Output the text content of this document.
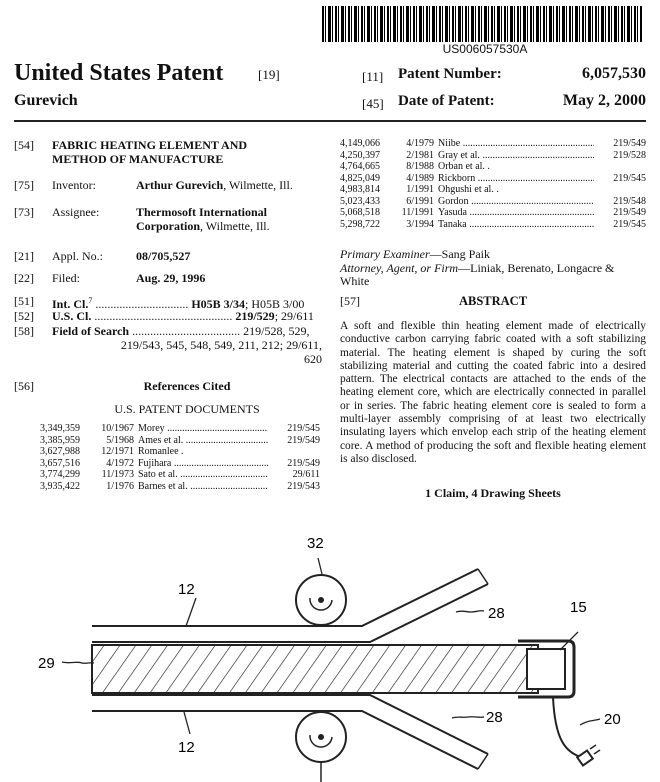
US006057530A
United States Patent	[19]
Gurevich
[11] Patent Number:	6,057,530
[45] Date of Patent:	May 2, 2000
[54] FABRIC HEATING ELEMENT AND
METHOD OF MANUFACTURE
[75] Inventor:	Arthur Gurevich, Wilmette, Ill.
[73] Assignee:	Thermosoft International
Corporation, Wilmette, Ill.
[21] Appl. No.:	08/705,527
[22] Filed:	Aug. 29, 1996
[51] Int. Cl.$^7$ ............................... H05B 3/34; H05B 3/00
[52] U.S. Cl. .............................................. 219/529; 29/611
[58] Field of Search .................................... 219/528, 529,
219/543, 545, 548, 549, 211, 212; 29/611,
620
[56]	References Cited
U.S. PATENT DOCUMENTS
3,349,359	10/1967 Morey .....	219/545
3,385,959	5/1968 Ames et al. .....	219/549
3,627,988	12/1971 Romanlee .
3,657,516	4/1972 Fujihara .....	219/549
3,774,299	11/1973 Sato et al. .....	29/611
3,935,422	1/1976 Barnes et al. .....	219/543
4,149,066	4/1979 Niibe .....	219/549
4,250,397	2/1981 Gray et al. .....	219/528
4,764,665	8/1988 Orban et al. .
4,825,049	4/1989 Rickborn .....	219/545
4,983,814	1/1991 Ohgushi et al. .
5,023,433	6/1991 Gordon .....	219/548
5,068,518	11/1991 Yasuda .....	219/549
5,298,722	3/1994 Tanaka .....	219/545
Primary Examiner—Sang Paik
Attorney, Agent, or Firm—Liniak, Berenato, Longacre &
White
[57]	ABSTRACT
A soft and flexible thin heating element made of electrically conductive carbon carrying fabric coated with a soft stabilizing material. The heating element is shaped by curing the soft stabilizing material and cutting the coated fabric into a desired pattern. The electrical contacts are attached to the ends of the heating element core, which are electrically connected in parallel or in series. The fabric heating element core is sealed to form a multi-layer assembly comprising of at least two electrically insulating layers which envelop each strip of the heating element core. A method of producing the soft and flexible heating element is also disclosed.
1 Claim, 4 Drawing Sheets
32
12
28	15
29
20
12
28
